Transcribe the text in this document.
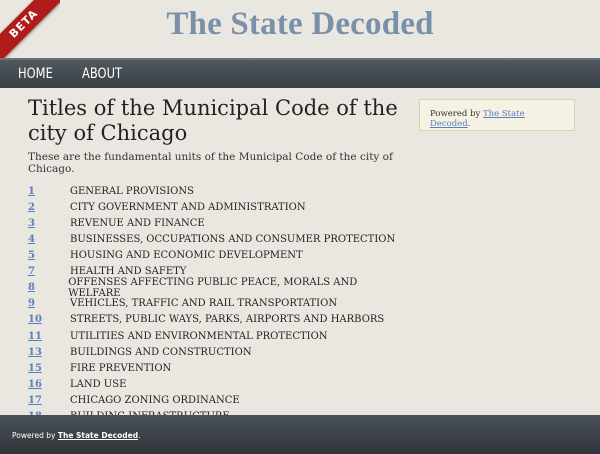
BETA	The State Decoded
HOME ABOUT
Titles of the Municipal Code of the city of Chicago

These are the fundamental units of the Municipal Code of the city of Chicago.

1	GENERAL PROVISIONS
2	CITY GOVERNMENT AND ADMINISTRATION
3	REVENUE AND FINANCE
4	BUSINESSES, OCCUPATIONS AND CONSUMER PROTECTION
5	HOUSING AND ECONOMIC DEVELOPMENT
7	HEALTH AND SAFETY
8	OFFENSES AFFECTING PUBLIC PEACE, MORALS AND WELFARE
9	VEHICLES, TRAFFIC AND RAIL TRANSPORTATION
10	STREETS, PUBLIC WAYS, PARKS, AIRPORTS AND HARBORS
11	UTILITIES AND ENVIRONMENTAL PROTECTION
13	BUILDINGS AND CONSTRUCTION
15	FIRE PREVENTION
16	LAND USE
17	CHICAGO ZONING ORDINANCE
Powered by The State Decoded.
Powered by The State Decoded.
